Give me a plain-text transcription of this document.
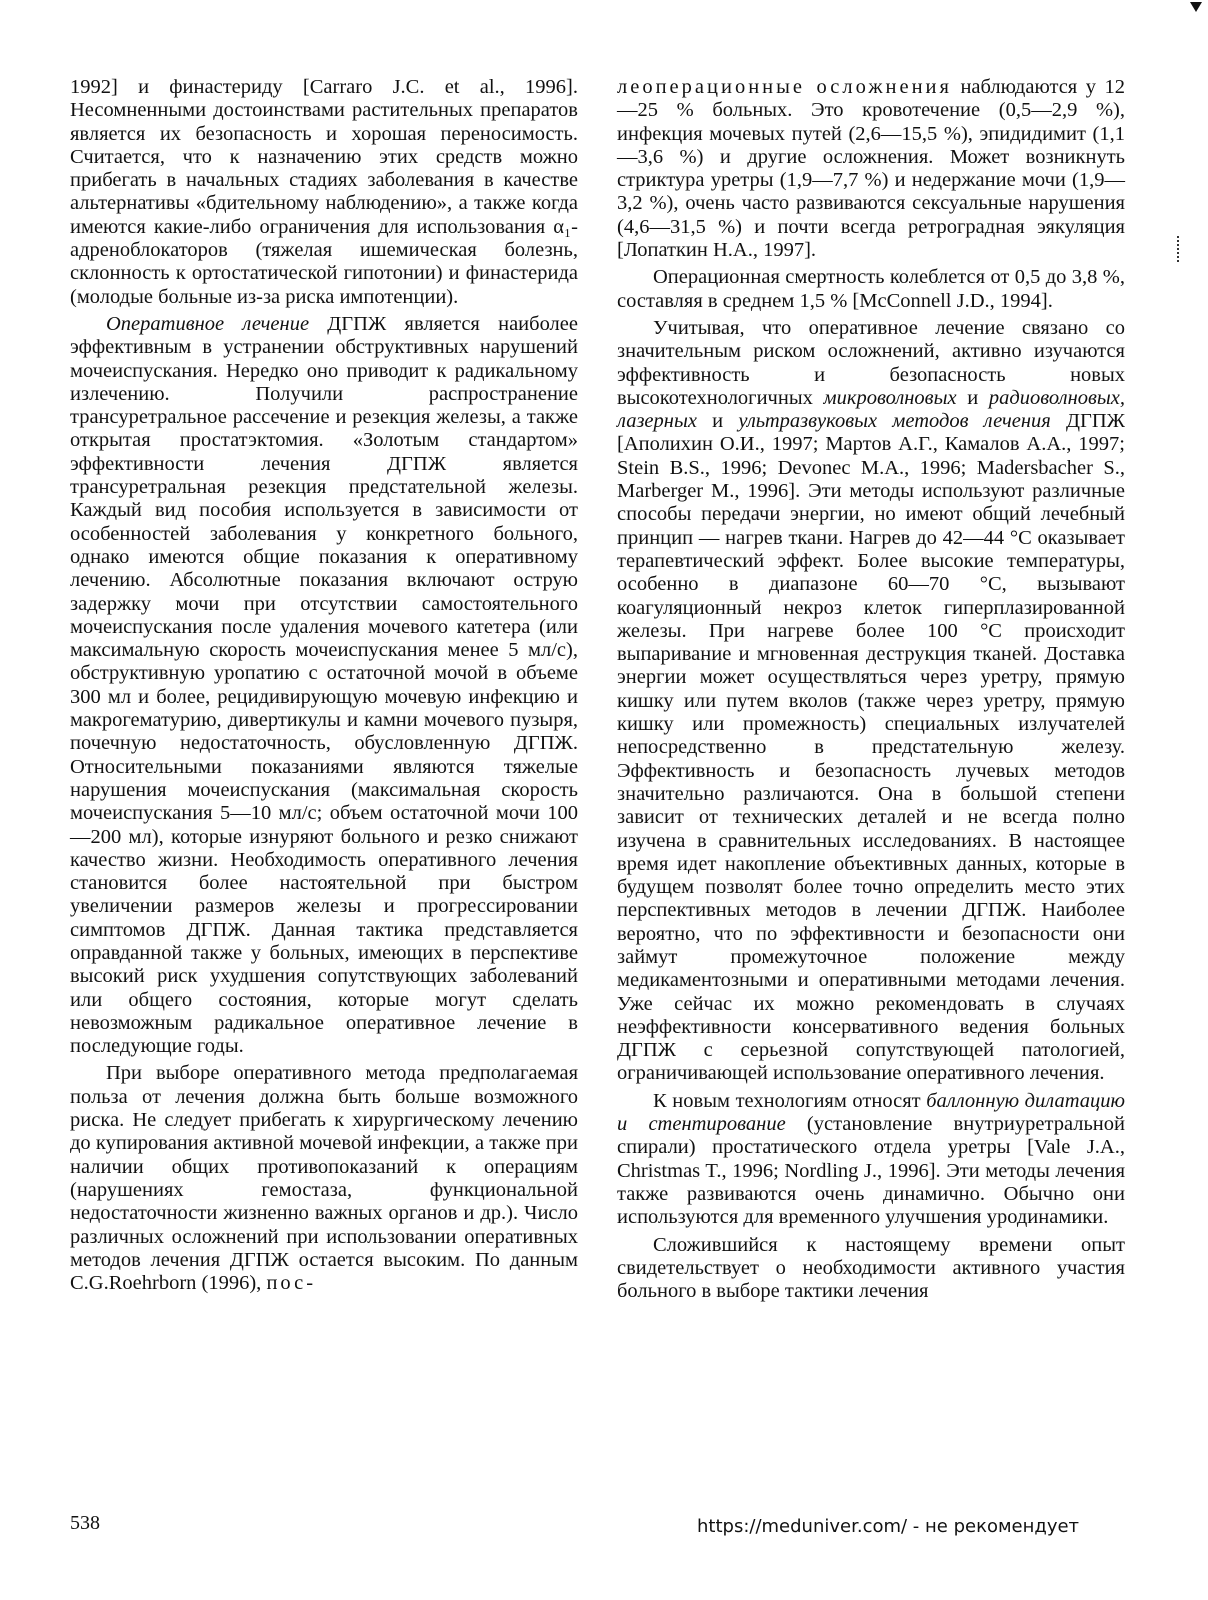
1992] и финастериду [Carraro J.C. et al., 1996]. Несомненными достоинствами растительных препаратов является их безопасность и хорошая переносимость. Считается, что к назначению этих средств можно прибегать в начальных стадиях заболевания в качестве альтернативы «бдительному наблюдению», а также когда имеются какие-либо ограничения для использования α₁-адреноблокаторов (тяжелая ишемическая болезнь, склонность к ортостатической гипотонии) и финастерида (молодые больные из-за риска импотенции).

Оперативное лечение ДГПЖ является наиболее эффективным в устранении обструктивных нарушений мочеиспускания. Нередко оно приводит к радикальному излечению. Получили распространение трансуретральное рассечение и резекция железы, а также открытая простатэктомия. «Золотым стандартом» эффективности лечения ДГПЖ является трансуретральная резекция предстательной железы. Каждый вид пособия используется в зависимости от особенностей заболевания у конкретного больного, однако имеются общие показания к оперативному лечению. Абсолютные показания включают острую задержку мочи при отсутствии самостоятельного мочеиспускания после удаления мочевого катетера (или максимальную скорость мочеиспускания менее 5 мл/с), обструктивную уропатию с остаточной мочой в объеме 300 мл и более, рецидивирующую мочевую инфекцию и макрогематурию, дивертикулы и камни мочевого пузыря, почечную недостаточность, обусловленную ДГПЖ. Относительными показаниями являются тяжелые нарушения мочеиспускания (максимальная скорость мочеиспускания 5—10 мл/с; объем остаточной мочи 100—200 мл), которые изнуряют больного и резко снижают качество жизни. Необходимость оперативного лечения становится более настоятельной при быстром увеличении размеров железы и прогрессировании симптомов ДГПЖ. Данная тактика представляется оправданной также у больных, имеющих в перспективе высокий риск ухудшения сопутствующих заболеваний или общего состояния, которые могут сделать невозможным радикальное оперативное лечение в последующие годы.

При выборе оперативного метода предполагаемая польза от лечения должна быть больше возможного риска. Не следует прибегать к хирургическому лечению до купирования активной мочевой инфекции, а также при наличии общих противопоказаний к операциям (нарушениях гемостаза, функциональной недостаточности жизненно важных органов и др.). Число различных осложнений при использовании оперативных методов лечения ДГПЖ остается высоким. По данным C.G.Roehrborn (1996), пос-

леоперационные осложнения наблюдаются у 12—25 % больных. Это кровотечение (0,5—2,9 %), инфекция мочевых путей (2,6—15,5 %), эпидидимит (1,1—3,6 %) и другие осложнения. Может возникнуть стриктура уретры (1,9—7,7 %) и недержание мочи (1,9—3,2 %), очень часто развиваются сексуальные нарушения (4,6—31,5 %) и почти всегда ретроградная эякуляция [Лопаткин Н.А., 1997].

Операционная смертность колеблется от 0,5 до 3,8 %, составляя в среднем 1,5 % [McConnell J.D., 1994].

Учитывая, что оперативное лечение связано со значительным риском осложнений, активно изучаются эффективность и безопасность новых высокотехнологичных микроволновых и радиоволновых, лазерных и ультразвуковых методов лечения ДГПЖ [Аполихин О.И., 1997; Мартов А.Г., Камалов А.А., 1997; Stein B.S., 1996; Devonec M.A., 1996; Madersbacher S., Marberger M., 1996]. Эти методы используют различные способы передачи энергии, но имеют общий лечебный принцип — нагрев ткани. Нагрев до 42—44 °С оказывает терапевтический эффект. Более высокие температуры, особенно в диапазоне 60—70 °С, вызывают коагуляционный некроз клеток гиперплазированной железы. При нагреве более 100 °С происходит выпаривание и мгновенная деструкция тканей. Доставка энергии может осуществляться через уретру, прямую кишку или путем вколов (также через уретру, прямую кишку или промежность) специальных излучателей непосредственно в предстательную железу. Эффективность и безопасность лучевых методов значительно различаются. Она в большой степени зависит от технических деталей и не всегда полно изучена в сравнительных исследованиях. В настоящее время идет накопление объективных данных, которые в будущем позволят более точно определить место этих перспективных методов в лечении ДГПЖ. Наиболее вероятно, что по эффективности и безопасности они займут промежуточное положение между медикаментозными и оперативными методами лечения. Уже сейчас их можно рекомендовать в случаях неэффективности консервативного ведения больных ДГПЖ с серьезной сопутствующей патологией, ограничивающей использование оперативного лечения.

К новым технологиям относят баллонную дилатацию и стентирование (установление внутриуретральной спирали) простатического отдела уретры [Vale J.A., Christmas T., 1996; Nordling J., 1996]. Эти методы лечения также развиваются очень динамично. Обычно они используются для временного улучшения уродинамики.

Сложившийся к настоящему времени опыт свидетельствует о необходимости активного участия больного в выборе тактики лечения

538	https://meduniver.com/ - не рекомендует
